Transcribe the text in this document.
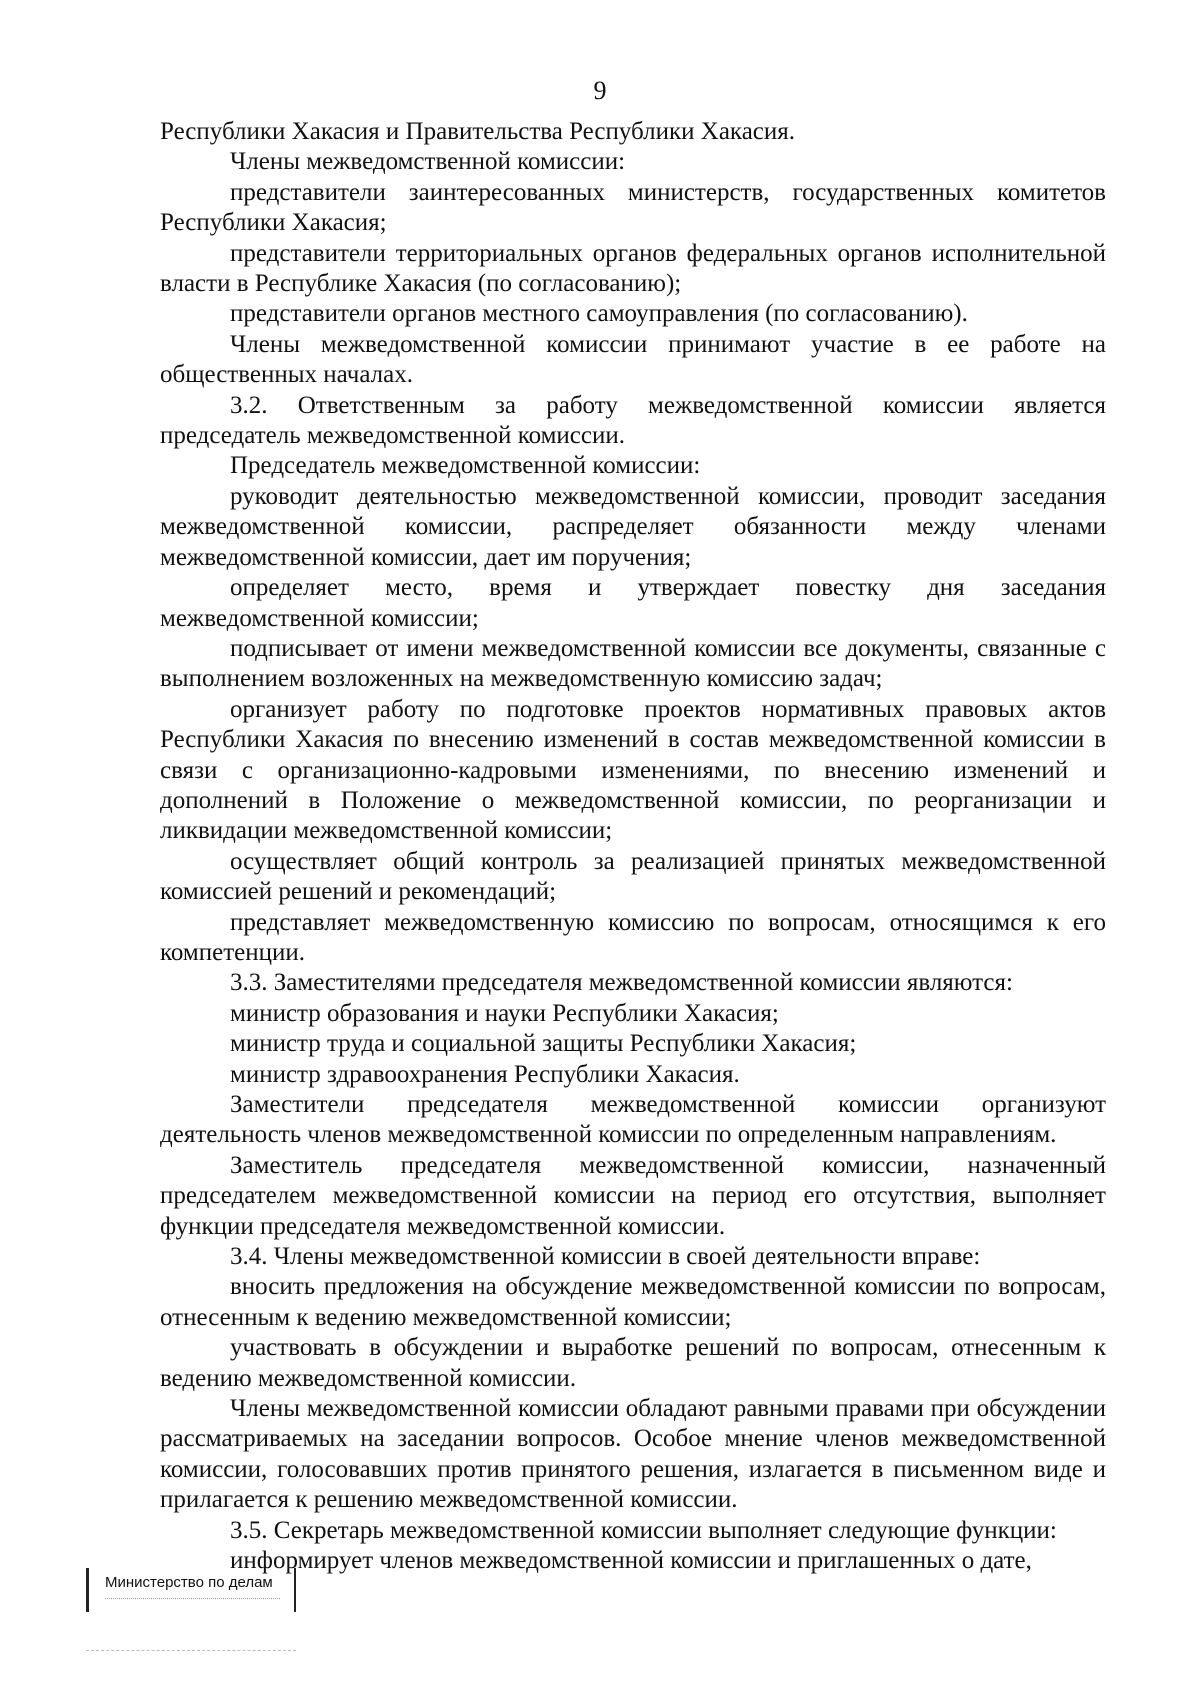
9

Республики Хакасия и Правительства Республики Хакасия.

Члены межведомственной комиссии:

представители заинтересованных министерств, государственных комитетов Республики Хакасия;

представители территориальных органов федеральных органов исполнительной власти в Республике Хакасия (по согласованию);

представители органов местного самоуправления (по согласованию).

Члены межведомственной комиссии принимают участие в ее работе на общественных началах.

3.2. Ответственным за работу межведомственной комиссии является председатель межведомственной комиссии.

Председатель межведомственной комиссии:

руководит деятельностью межведомственной комиссии, проводит заседания межведомственной комиссии, распределяет обязанности между членами межведомственной комиссии, дает им поручения;

определяет место, время и утверждает повестку дня заседания межведомственной комиссии;

подписывает от имени межведомственной комиссии все документы, связанные с выполнением возложенных на межведомственную комиссию задач;

организует работу по подготовке проектов нормативных правовых актов Республики Хакасия по внесению изменений в состав межведомственной комиссии в связи с организационно-кадровыми изменениями, по внесению изменений и дополнений в Положение о межведомственной комиссии, по реорганизации и ликвидации межведомственной комиссии;

осуществляет общий контроль за реализацией принятых межведомственной комиссией решений и рекомендаций;

представляет межведомственную комиссию по вопросам, относящимся к его компетенции.

3.3. Заместителями председателя межведомственной комиссии являются:

министр образования и науки Республики Хакасия;

министр труда и социальной защиты Республики Хакасия;

министр здравоохранения Республики Хакасия.

Заместители председателя межведомственной комиссии организуют деятельность членов межведомственной комиссии по определенным направлениям.

Заместитель председателя межведомственной комиссии, назначенный председателем межведомственной комиссии на период его отсутствия, выполняет функции председателя межведомственной комиссии.

3.4. Члены межведомственной комиссии в своей деятельности вправе:

вносить предложения на обсуждение межведомственной комиссии по вопросам, отнесенным к ведению межведомственной комиссии;

участвовать в обсуждении и выработке решений по вопросам, отнесенным к ведению межведомственной комиссии.

Члены межведомственной комиссии обладают равными правами при обсуждении рассматриваемых на заседании вопросов. Особое мнение членов межведомственной комиссии, голосовавших против принятого решения, излагается в письменном виде и прилагается к решению межведомственной комиссии.

3.5. Секретарь межведомственной комиссии выполняет следующие функции:

информирует членов межведомственной комиссии и приглашенных о дате,

Министерство по делам
